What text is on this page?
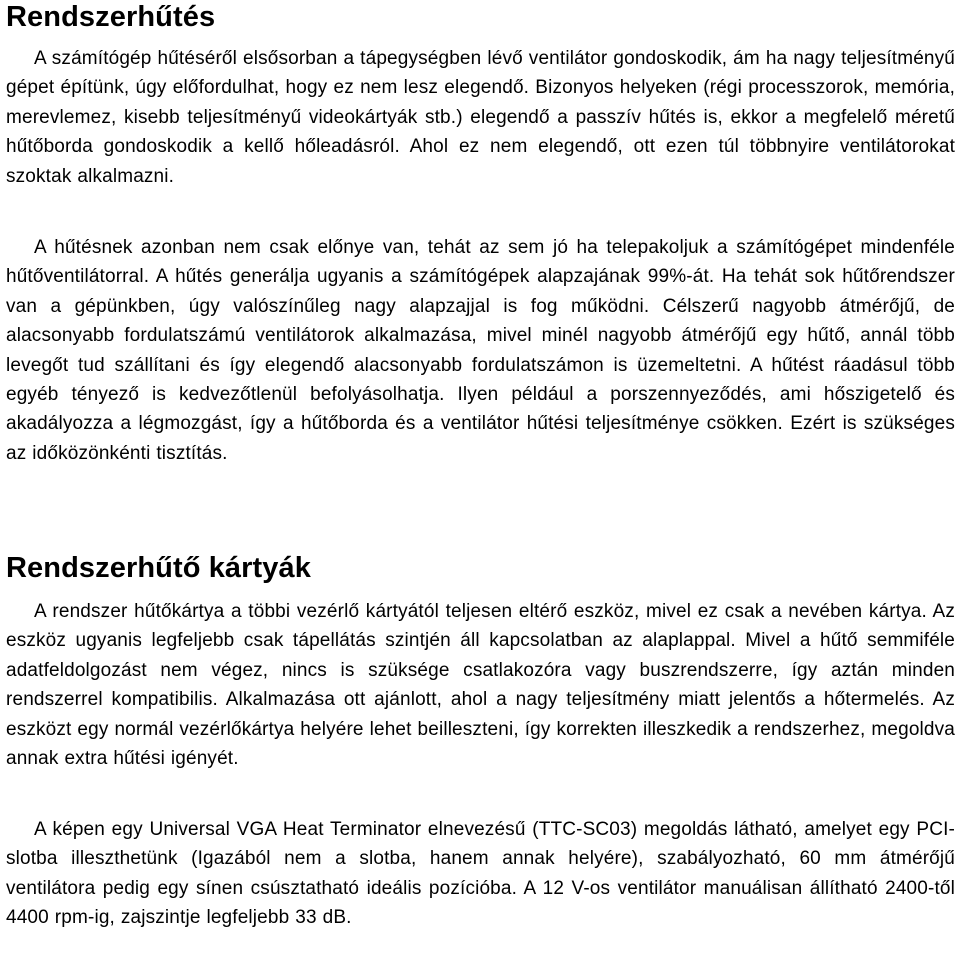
Rendszerhűtés

A számítógép hűtéséről elsősorban a tápegységben lévő ventilátor gondoskodik, ám ha nagy teljesítményű gépet építünk, úgy előfordulhat, hogy ez nem lesz elegendő. Bizonyos helyeken (régi processzorok, memória, merevlemez, kisebb teljesítményű videokártyák stb.) elegendő a passzív hűtés is, ekkor a megfelelő méretű hűtőborda gondoskodik a kellő hőleadásról. Ahol ez nem elegendő, ott ezen túl többnyire ventilátorokat szoktak alkalmazni.

A hűtésnek azonban nem csak előnye van, tehát az sem jó ha telepakoljuk a számítógépet mindenféle hűtőventilátorral. A hűtés generálja ugyanis a számítógépek alapzajának 99%-át. Ha tehát sok hűtőrendszer van a gépünkben, úgy valószínűleg nagy alapzajjal is fog működni. Célszerű nagyobb átmérőjű, de alacsonyabb fordulatszámú ventilátorok alkalmazása, mivel minél nagyobb átmérőjű egy hűtő, annál több levegőt tud szállítani és így elegendő alacsonyabb fordulatszámon is üzemeltetni. A hűtést ráadásul több egyéb tényező is kedvezőtlenül befolyásolhatja. Ilyen például a porszennyeződés, ami hőszigetelő és akadályozza a légmozgást, így a hűtőborda és a ventilátor hűtési teljesítménye csökken. Ezért is szükséges az időközönkénti tisztítás.

Rendszerhűtő kártyák

A rendszer hűtőkártya a többi vezérlő kártyától teljesen eltérő eszköz, mivel ez csak a nevében kártya. Az eszköz ugyanis legfeljebb csak tápellátás szintjén áll kapcsolatban az alaplappal. Mivel a hűtő semmiféle adatfeldolgozást nem végez, nincs is szüksége csatlakozóra vagy buszrendszerre, így aztán minden rendszerrel kompatibilis. Alkalmazása ott ajánlott, ahol a nagy teljesítmény miatt jelentős a hőtermelés. Az eszközt egy normál vezérlőkártya helyére lehet beilleszteni, így korrekten illeszkedik a rendszerhez, megoldva annak extra hűtési igényét.

A képen egy Universal VGA Heat Terminator elnevezésű (TTC-SC03) megoldás látható, amelyet egy PCI-slotba illeszthetünk (Igazából nem a slotba, hanem annak helyére), szabályozható, 60 mm átmérőjű ventilátora pedig egy sínen csúsztatható ideális pozícióba. A 12 V-os ventilátor manuálisan állítható 2400-től 4400 rpm-ig, zajszintje legfeljebb 33 dB.
